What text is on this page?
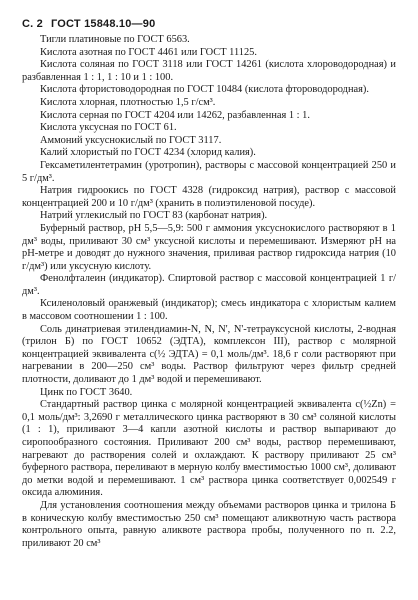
С. 2 ГОСТ 15848.10—90

Тигли платиновые по ГОСТ 6563.

Кислота азотная по ГОСТ 4461 или ГОСТ 11125.

Кислота соляная по ГОСТ 3118 или ГОСТ 14261 (кислота хлороводородная) и разбавленная 1 : 1, 1 : 10 и 1 : 100.

Кислота фтористоводородная по ГОСТ 10484 (кислота фтороводородная).

Кислота хлорная, плотностью 1,5 г/см³.

Кислота серная по ГОСТ 4204 или 14262, разбавленная 1 : 1.

Кислота уксусная по ГОСТ 61.

Аммоний уксуснокислый по ГОСТ 3117.

Калий хлористый по ГОСТ 4234 (хлорид калия).

Гексаметилентетрамин (уротропин), растворы с массовой концентрацией 250 и 5 г/дм³.

Натрия гидроокись по ГОСТ 4328 (гидроксид натрия), раствор с массовой концентрацией 200 и 10 г/дм³ (хранить в полиэтиленовой посуде).

Натрий углекислый по ГОСТ 83 (карбонат натрия).

Буферный раствор, рН 5,5—5,9: 500 г аммония уксуснокислого растворяют в 1 дм³ воды, приливают 30 см³ уксусной кислоты и перемешивают. Измеряют рН на рН-метре и доводят до нужного значения, приливая раствор гидроксида натрия (10 г/дм³) или уксусную кислоту.

Фенолфталеин (индикатор). Спиртовой раствор с массовой концентрацией 1 г/дм³.

Ксиленоловый оранжевый (индикатор); смесь индикатора с хлористым калием в массовом соотношении 1 : 100.

Соль динатриевая этилендиамин-N, N, N', N'-тетрауксусной кислоты, 2-водная (трилон Б) по ГОСТ 10652 (ЭДТА), комплексон III), раствор с молярной концентрацией эквивалента c(½ ЭДТА) = 0,1 моль/дм³. 18,6 г соли растворяют при нагревании в 200—250 см³ воды. Раствор фильтруют через фильтр средней плотности, доливают до 1 дм³ водой и перемешивают.

Цинк по ГОСТ 3640.

Стандартный раствор цинка с молярной концентрацией эквивалента c(½Zn) = 0,1 моль/дм³: 3,2690 г металлического цинка растворяют в 30 см³ соляной кислоты (1 : 1), приливают 3—4 капли азотной кислоты и раствор выпаривают до сиропообразного состояния. Приливают 200 см³ воды, раствор перемешивают, нагревают до растворения солей и охлаждают. К раствору приливают 25 см³ буферного раствора, переливают в мерную колбу вместимостью 1000 см³, доливают до метки водой и перемешивают. 1 см³ раствора цинка соответствует 0,002549 г оксида алюминия.

Для установления соотношения между объемами растворов цинка и трилона Б в коническую колбу вместимостью 250 см³ помещают аликвотную часть раствора контрольного опыта, равную аликвоте раствора пробы, полученного по п. 2.2, приливают 20 см³
